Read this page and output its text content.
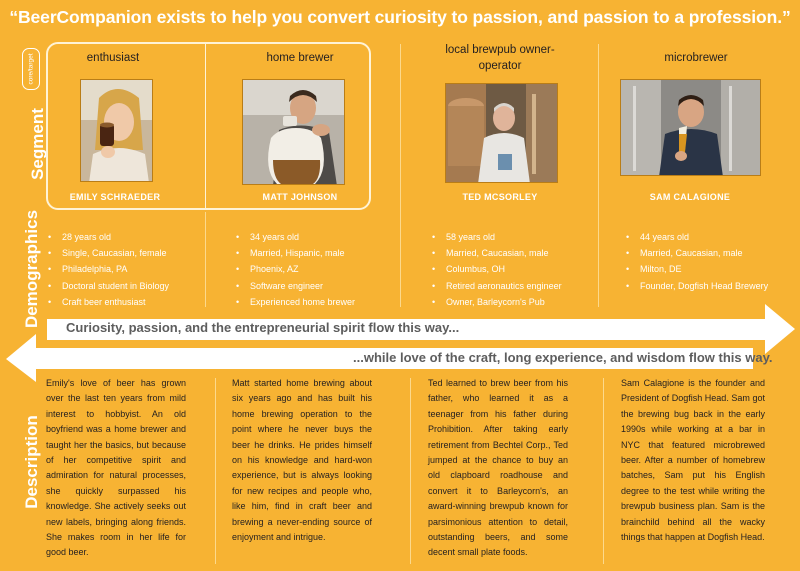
“BeerCompanion exists to help you convert curiosity to passion, and passion to a profession.”
Segment
Demographics
Description
core/target	enthusiast
EMILY SCHRAEDER
home brewer
MATT JOHNSON
local brewpub owner-operator
TED MCSORLEY
microbrewer
SAM CALAGIONE
• 28 years old
• Single, Caucasian, female
• Philadelphia, PA
• Doctoral student in Biology
• Craft beer enthusiast
• 34 years old
• Married, Hispanic, male
• Phoenix, AZ
• Software engineer
• Experienced home brewer
• 58 years old
• Married, Caucasian, male
• Columbus, OH
• Retired aeronautics engineer
• Owner, Barleycorn's Pub
• 44 years old
• Married, Caucasian, male
• Milton, DE
• Founder, Dogfish Head Brewery
Curiosity, passion, and the entrepreneurial spirit flow this way...
...while love of the craft, long experience, and wisdom flow this way.
Emily's love of beer has grown over the last ten years from mild interest to hobbyist. An old boyfriend was a home brewer and taught her the basics, but because of her competitive spirit and admiration for natural processes, she quickly surpassed his knowledge. She actively seeks out new labels, bringing along friends. She makes room in her life for good beer.
Matt started home brewing about six years ago and has built his home brewing operation to the point where he never buys the beer he drinks. He prides himself on his knowledge and hard-won experience, but is always looking for new recipes and people who, like him, find in craft beer and brewing a never-ending source of enjoyment and intrigue.
Ted learned to brew beer from his father, who learned it as a teenager from his father during Prohibition. After taking early retirement from Bechtel Corp., Ted jumped at the chance to buy an old clapboard roadhouse and convert it to Barleycorn's, an award-winning brewpub known for parsimonious attention to detail, outstanding beers, and some decent small plate foods.
Sam Calagione is the founder and President of Dogfish Head. Sam got the brewing bug back in the early 1990s while working at a bar in NYC that featured microbrewed beer. After a number of homebrew batches, Sam put his English degree to the test while writing the brewpub business plan. Sam is the brainchild behind all the wacky things that happen at Dogfish Head.
